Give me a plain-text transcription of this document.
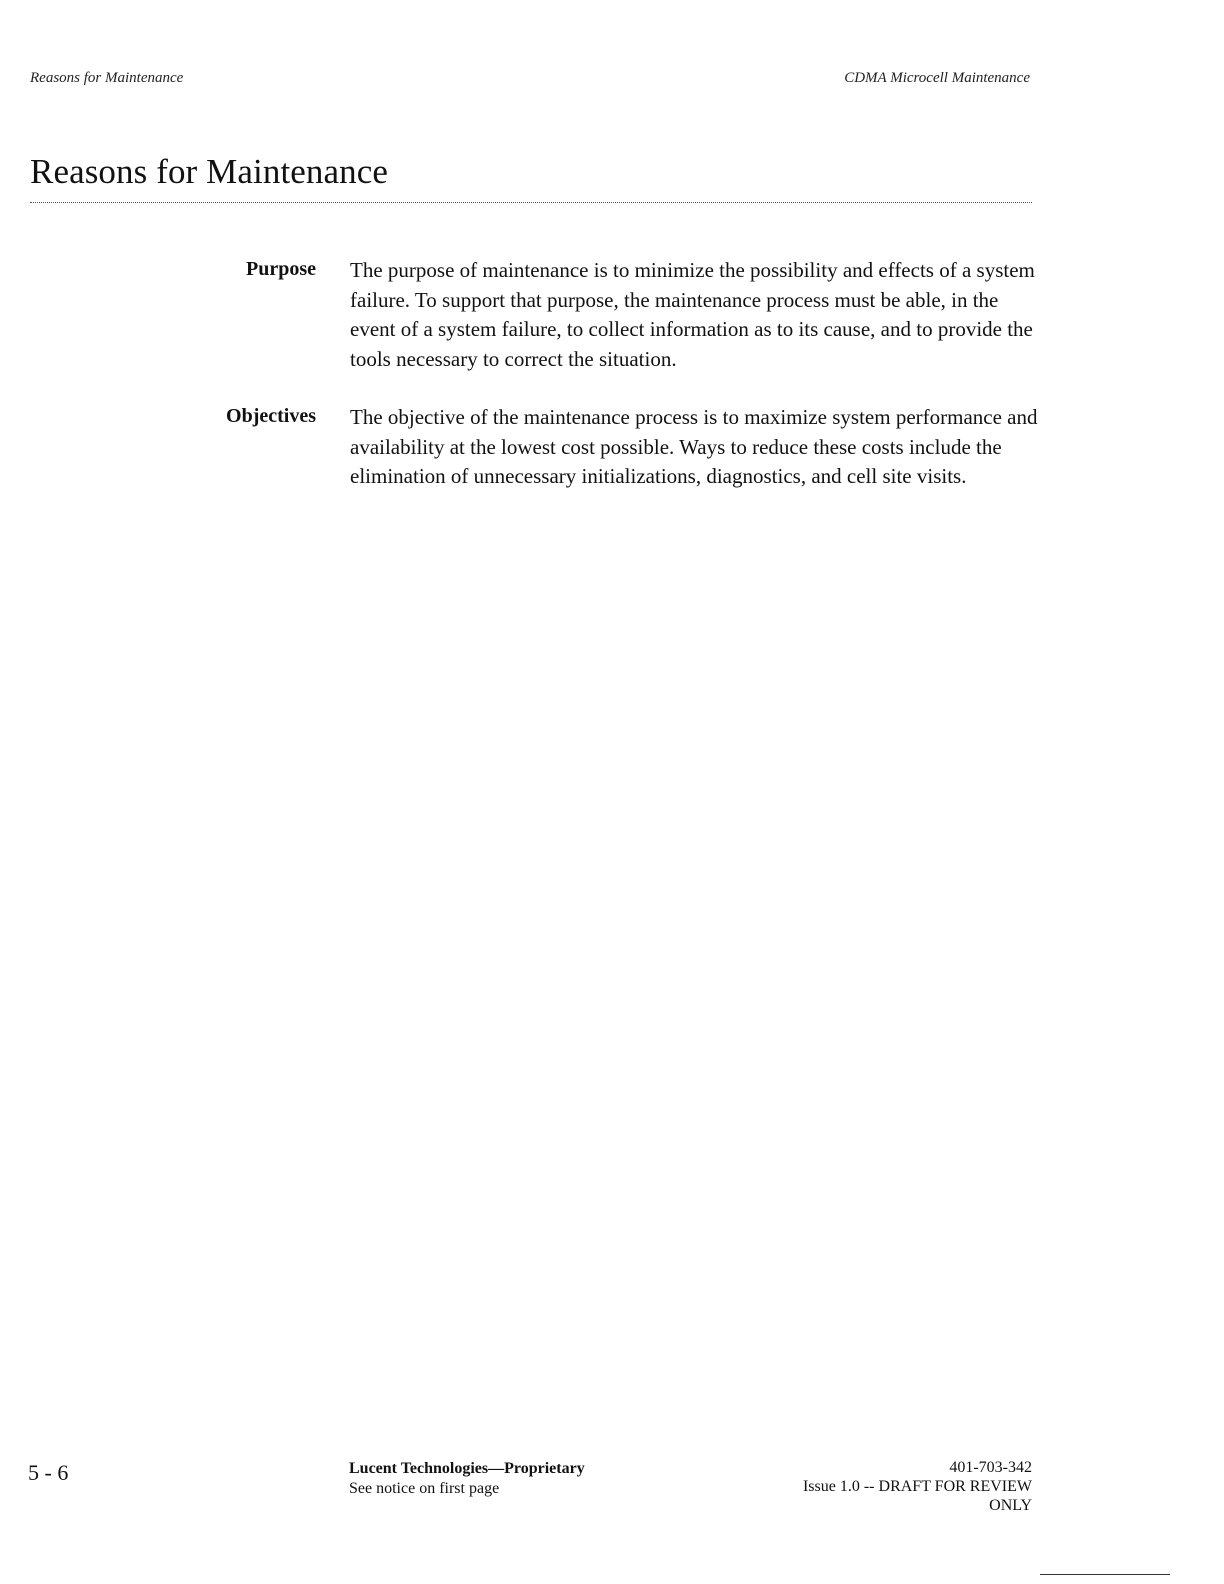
Reasons for Maintenance	CDMA Microcell Maintenance
Reasons for Maintenance
Purpose The purpose of maintenance is to minimize the possibility and effects of a system failure. To support that purpose, the maintenance process must be able, in the event of a system failure, to collect information as to its cause, and to provide the tools necessary to correct the situation.

Objectives The objective of the maintenance process is to maximize system performance and availability at the lowest cost possible. Ways to reduce these costs include the elimination of unnecessary initializations, diagnostics, and cell site visits.

5 - 6	Lucent Technologies—Proprietary
See notice on first page
401-703-342
Issue 1.0 -- DRAFT FOR REVIEW
ONLY
